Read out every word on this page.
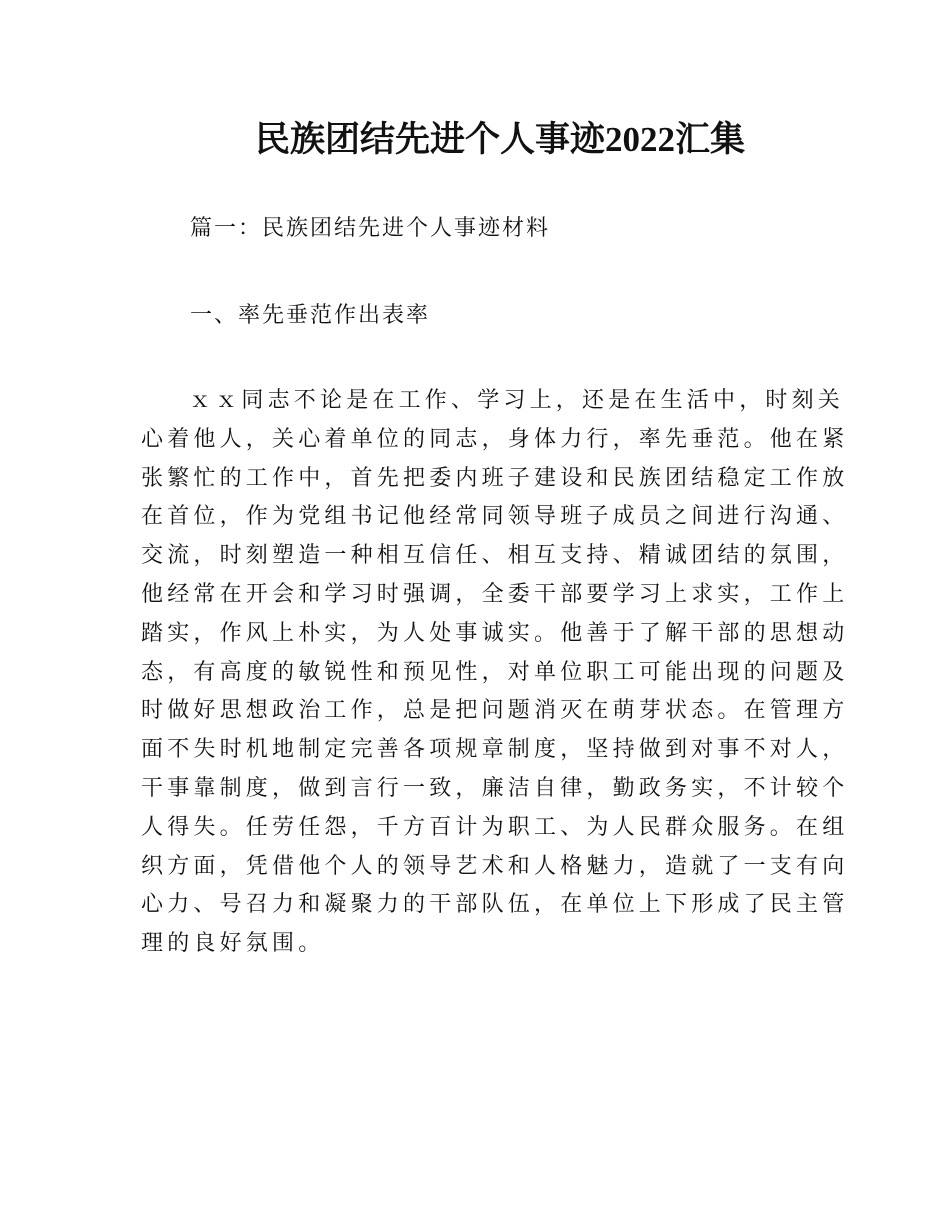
民族团结先进个人事迹2022汇集

篇一：民族团结先进个人事迹材料

一、率先垂范作出表率

ｘｘ同志不论是在工作、学习上，还是在生活中，时刻关
心着他人，关心着单位的同志，身体力行，率先垂范。他在紧
张繁忙的工作中，首先把委内班子建设和民族团结稳定工作放
在首位，作为党组书记他经常同领导班子成员之间进行沟通、
交流，时刻塑造一种相互信任、相互支持、精诚团结的氛围，
他经常在开会和学习时强调，全委干部要学习上求实，工作上
踏实，作风上朴实，为人处事诚实。他善于了解干部的思想动
态，有高度的敏锐性和预见性，对单位职工可能出现的问题及
时做好思想政治工作，总是把问题消灭在萌芽状态。在管理方
面不失时机地制定完善各项规章制度，坚持做到对事不对人，
干事靠制度，做到言行一致，廉洁自律，勤政务实，不计较个
人得失。任劳任怨，千方百计为职工、为人民群众服务。在组
织方面，凭借他个人的领导艺术和人格魅力，造就了一支有向
心力、号召力和凝聚力的干部队伍，在单位上下形成了民主管
理的良好氛围。
